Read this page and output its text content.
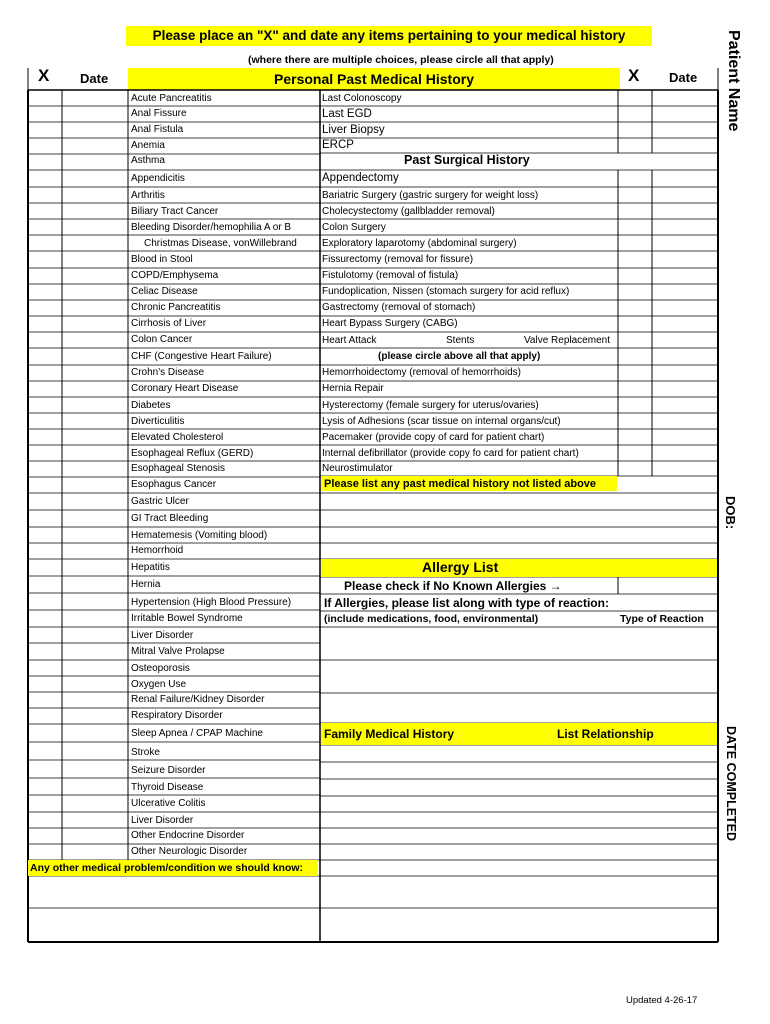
Please place an "X" and date any items pertaining to your medical history
(where there are multiple choices, please circle all that apply)
X Date	Personal Past Medical History	X Date Patient Name
DOB:
DATE COMPLETED
Acute Pancreatitis
Anal Fissure
Anal Fistula
Anemia
Asthma
Appendicitis
Arthritis
Biliary Tract Cancer
Bleeding Disorder/hemophilia A or B
Christmas Disease, vonWillebrand
Blood in Stool
COPD/Emphysema
Celiac Disease
Chronic Pancreatitis
Cirrhosis of Liver
Colon Cancer
CHF (Congestive Heart Failure)
Crohn's Disease
Coronary Heart Disease
Diabetes
Diverticulitis
Elevated Cholesterol
Esophageal Reflux (GERD)
Esophageal Stenosis
Esophagus Cancer
Gastric Ulcer
GI Tract Bleeding
Hematemesis (Vomiting blood)
Hemorrhoid
Hepatitis
Hernia
Hypertension (High Blood Pressure)
Irritable Bowel Syndrome
Liver Disorder
Mitral Valve Prolapse
Osteoporosis
Oxygen Use
Renal Failure/Kidney Disorder
Respiratory Disorder
Sleep Apnea / CPAP Machine
Stroke
Seizure Disorder
Thyroid Disease
Ulcerative Colitis
Liver Disorder
Other Endocrine Disorder
Other Neurologic Disorder
Last Colonoscopy
Last EGD
Liver Biopsy
ERCP
Appendectomy
Bariatric Surgery (gastric surgery for weight loss)
Cholecystectomy (gallbladder removal)
Colon Surgery
Exploratory laparotomy (abdominal surgery)
Fissurectomy (removal for fissure)
Fistulotomy (removal of fistula)
Fundoplication, Nissen (stomach surgery for acid reflux)
Gastrectomy (removal of stomach)
Heart Bypass Surgery (CABG)
Heart Attack	Stents	Valve Replacement
(please circle above all that apply)
Hemorrhoidectomy (removal of hemorrhoids)
Hernia Repair
Hysterectomy (female surgery for uterus/ovaries)
Lysis of Adhesions (scar tissue on internal organs/cut)
Pacemaker (provide copy of card for patient chart)
Internal defibrillator (provide copy fo card for patient chart)
Neurostimulator
Past Surgical History
Please list any past medical history not listed above
Allergy List
Please check if No Known Allergies →
If Allergies, please list along with type of reaction:
(include medications, food, environmental)	Type of Reaction
Family Medical History	List Relationship
Any other medical problem/condition we should know:
Updated 4-26-17
